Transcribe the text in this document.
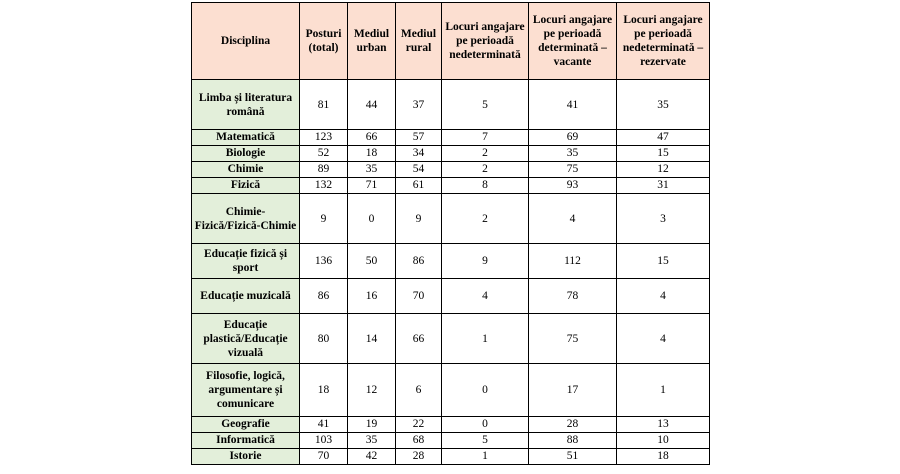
Disciplina	Posturi (total)	Mediul urban	Mediul rural	Locuri angajare pe perioadă nedeterminată	Locuri angajare pe perioadă determinată – vacante	Locuri angajare pe perioadă nedeterminată – rezervate
Limba și literatura română	81	44	37	5	41	35
Matematică	123	66	57	7	69	47
Biologie	52	18	34	2	35	15
Chimie	89	35	54	2	75	12
Fizică	132	71	61	8	93	31
Chimie-Fizică/Fizică-Chimie	9	0	9	2	4	3
Educație fizică și sport	136	50	86	9	112	15
Educație muzicală	86	16	70	4	78	4
Educație plastică/Educație vizuală	80	14	66	1	75	4
Filosofie, logică, argumentare și comunicare	18	12	6	0	17	1
Geografie	41	19	22	0	28	13
Informatică	103	35	68	5	88	10
Istorie	70	42	28	1	51	18
